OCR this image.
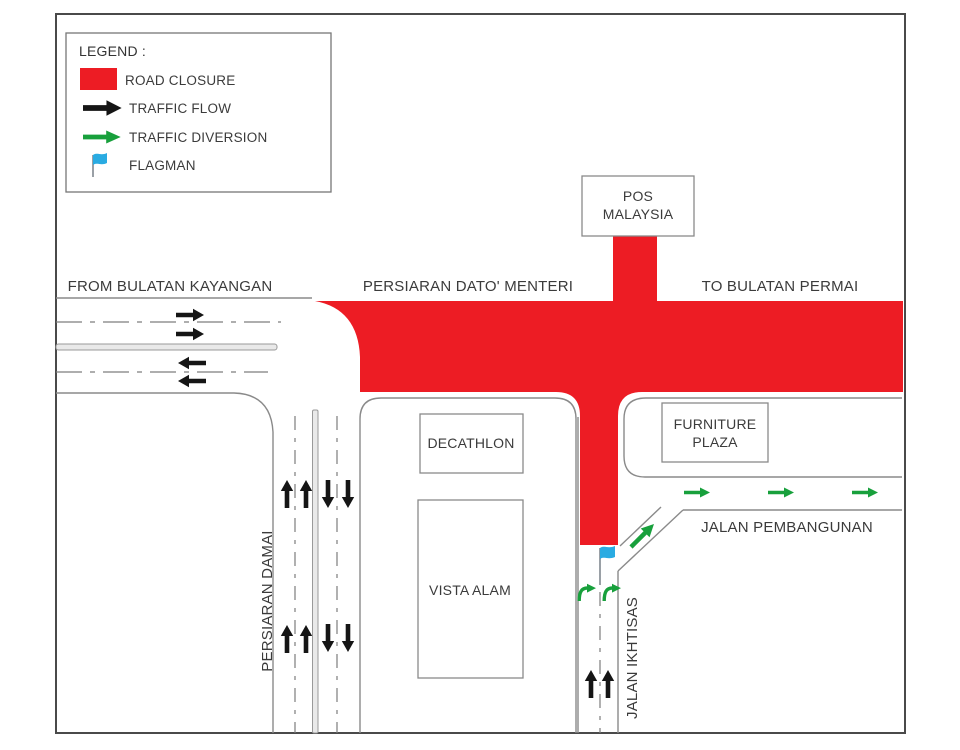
LEGEND :
ROAD CLOSURE
TRAFFIC FLOW
TRAFFIC DIVERSION
FLAGMAN
FROM BULATAN KAYANGAN	PERSIARAN DATO' MENTERI	TO BULATAN PERMAI
JALAN PEMBANGUNAN
PERSIARAN DAMAI	JALAN IKHTISAS
POS
MALAYSIA
DECATHLON
VISTA ALAM
FURNITURE
PLAZA
